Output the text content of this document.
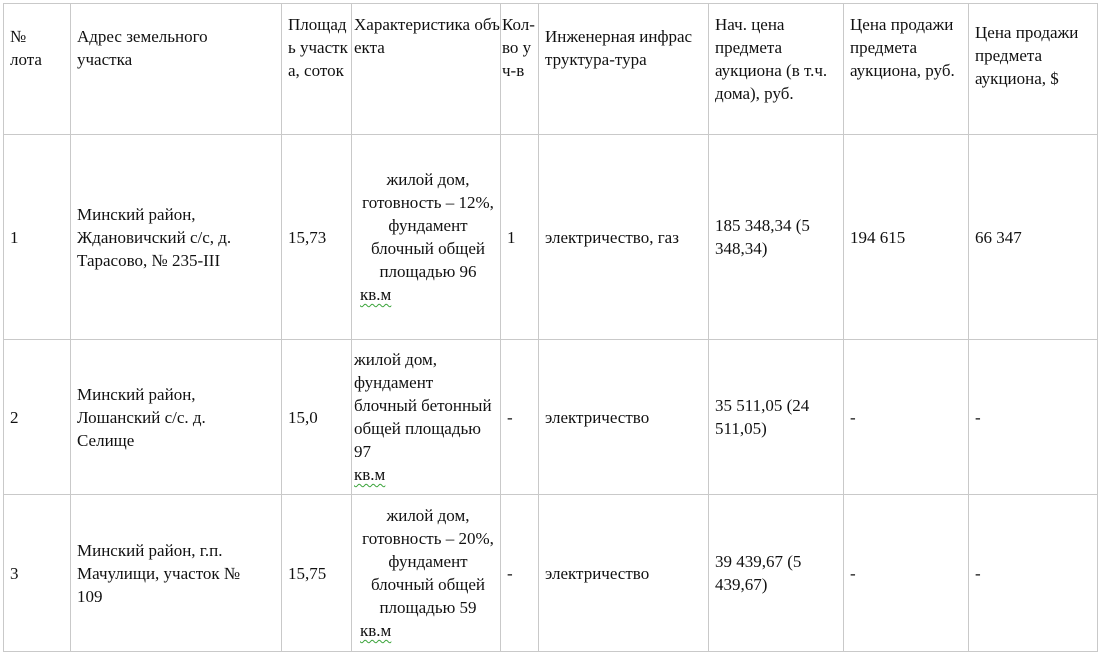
№ лота	Адрес земельного участка	Площадь участка, соток	Характеристика объекта	Кол-во уч-в	Инженерная инфраструктура-тура	Нач. цена предмета аукциона (в т.ч. дома), руб.	Цена продажи предмета аукциона, руб.	Цена продажи предмета аукциона, $

1	Минский район, Ждановичский с/с, д. Тарасово, № 235-III	15,73	жилой дом, готовность – 12%, фундамент блочный общей площадью 96
кв.м	1	электричество, газ	185 348,34 (5 348,34)	194 615	66 347
2	Минский район, Лошанский с/с. д. Селище	15,0	жилой дом, фундамент блочный бетонный общей площадью 97
кв.м	-	электричество	35 511,05 (24 511,05)	-	-
3	Минский район, г.п. Мачулищи, участок № 109	15,75	жилой дом, готовность – 20%, фундамент блочный общей площадью 59
кв.м	-	электричество	39 439,67 (5 439,67)	-	-
